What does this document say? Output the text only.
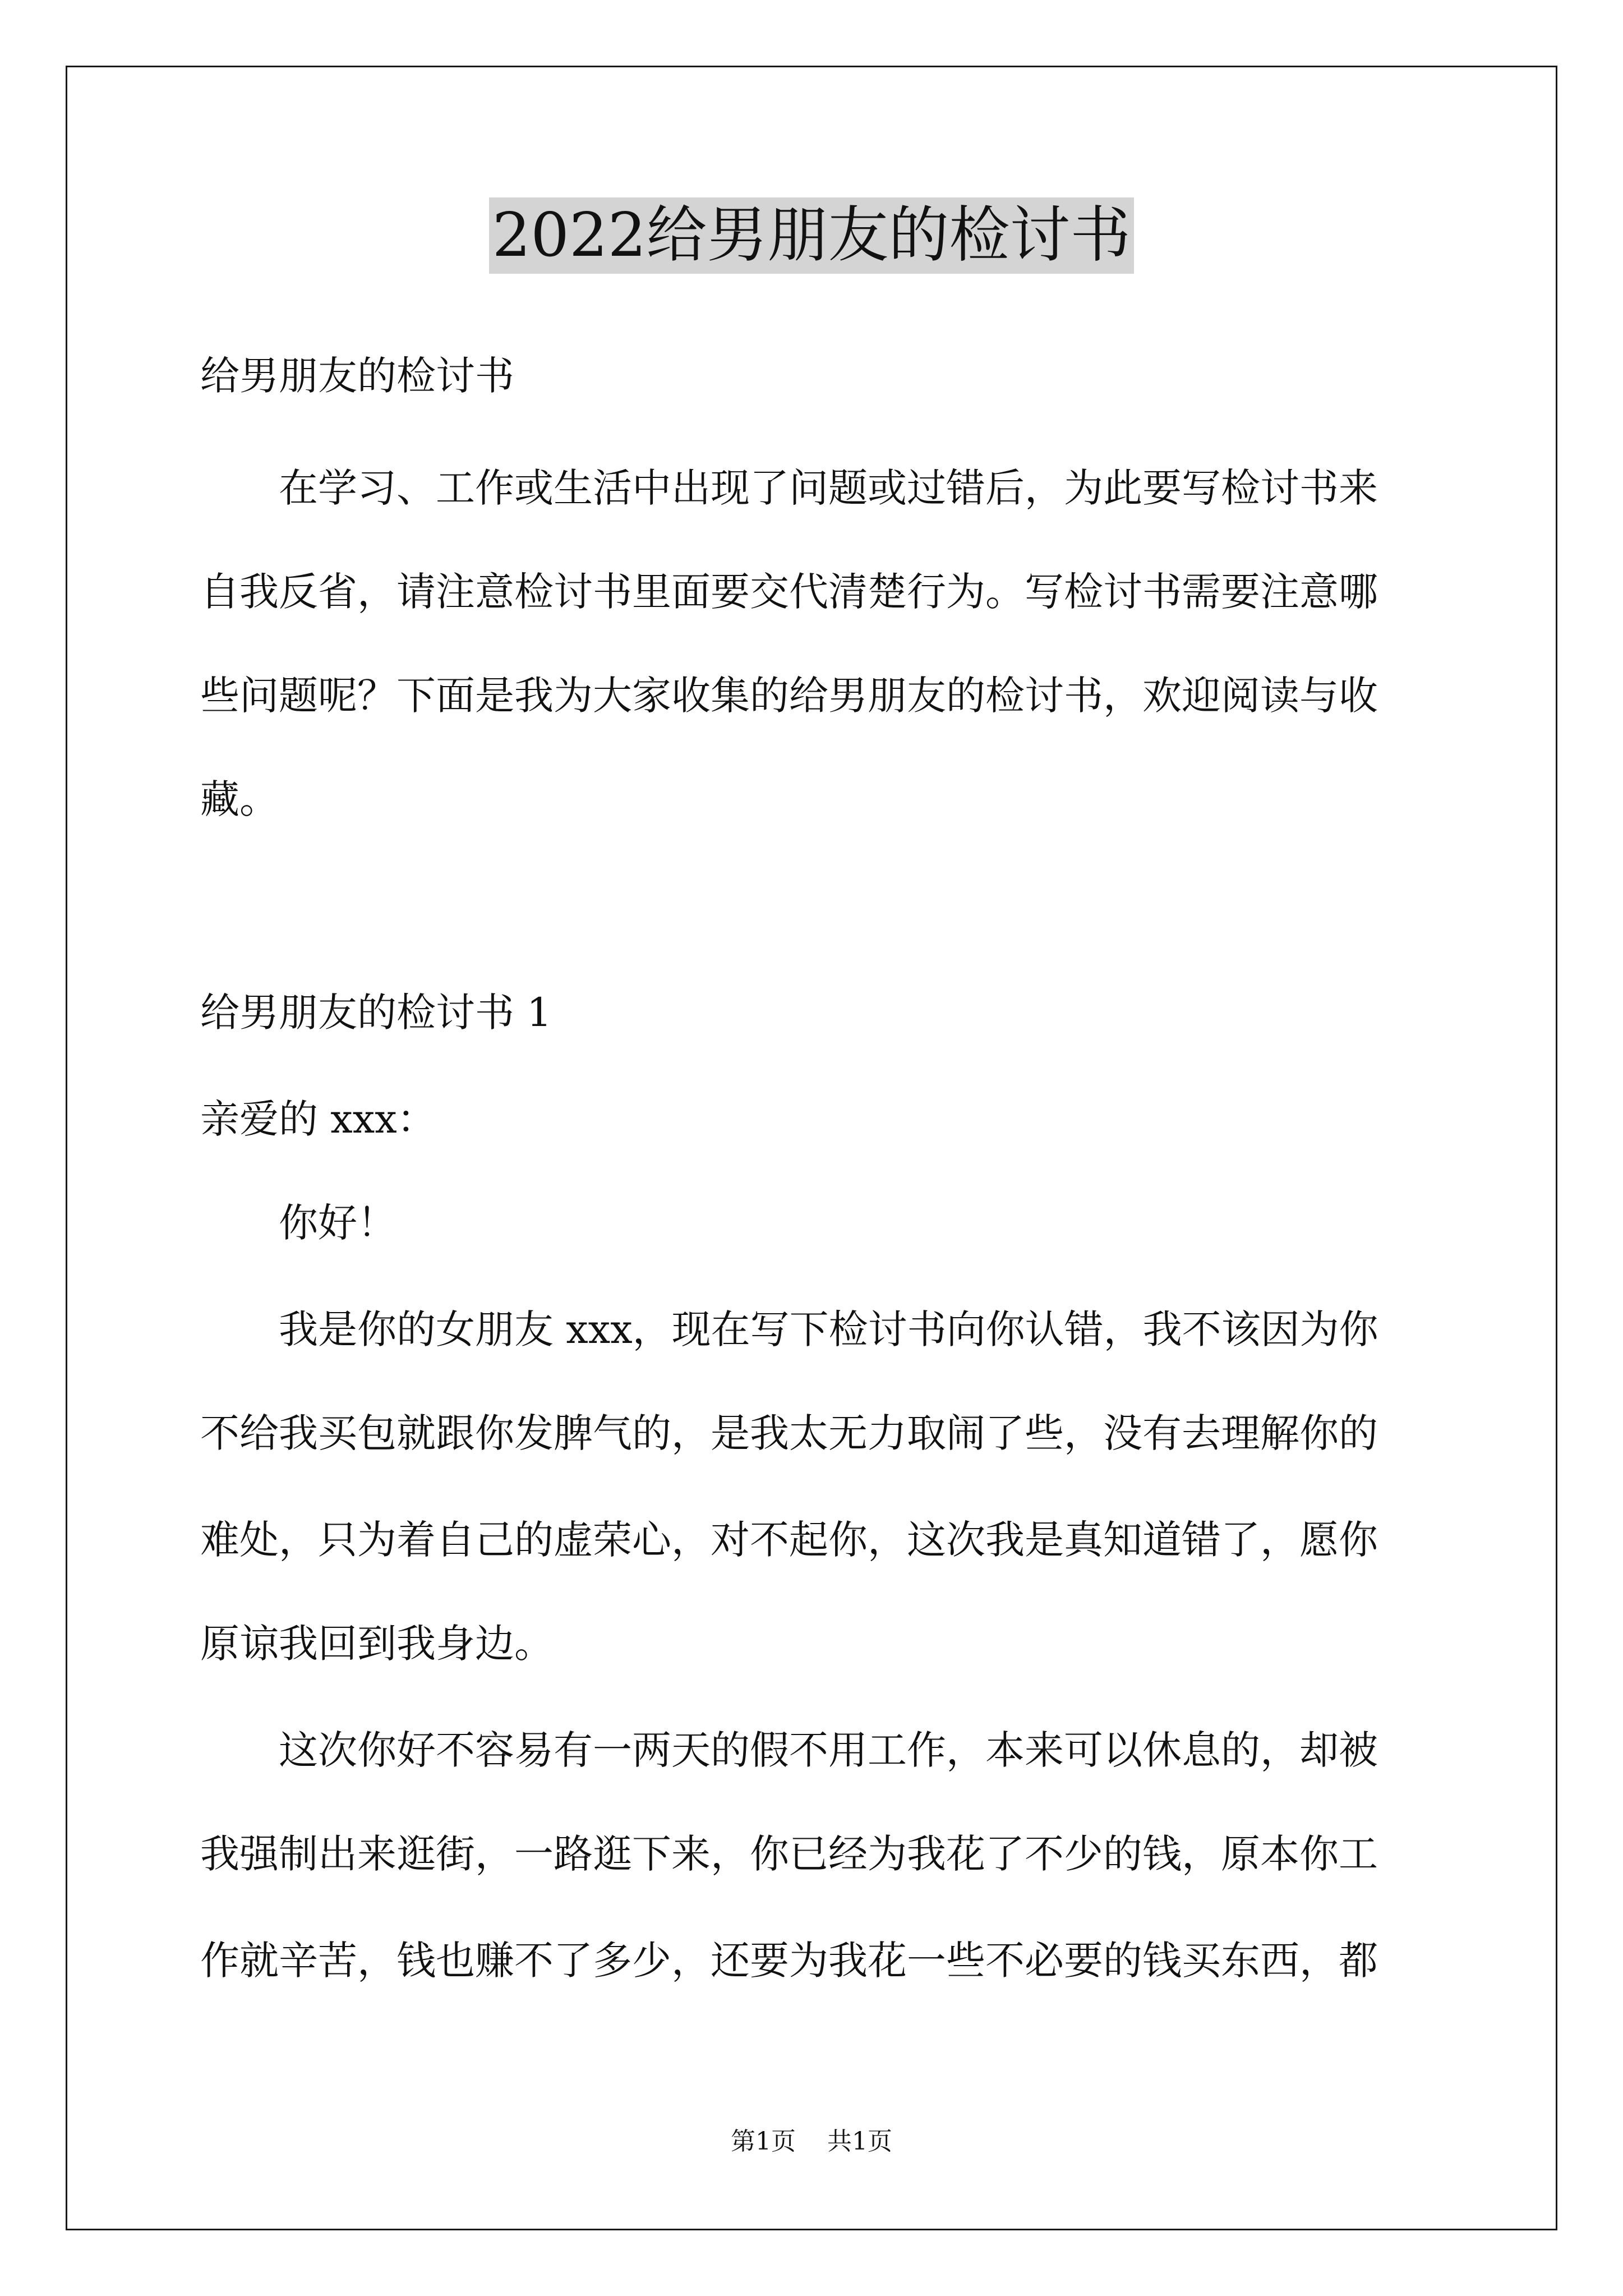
2022给男朋友的检讨书
给男朋友的检讨书
　　在学习、工作或生活中出现了问题或过错后，为此要写检讨书来
自我反省，请注意检讨书里面要交代清楚行为。写检讨书需要注意哪
些问题呢？下面是我为大家收集的给男朋友的检讨书，欢迎阅读与收
藏。
给男朋友的检讨书 1
亲爱的 xxx：
　　你好！
　　我是你的女朋友 xxx，现在写下检讨书向你认错，我不该因为你
不给我买包就跟你发脾气的，是我太无力取闹了些，没有去理解你的
难处，只为着自己的虚荣心，对不起你，这次我是真知道错了，愿你
原谅我回到我身边。
　　这次你好不容易有一两天的假不用工作，本来可以休息的，却被
我强制出来逛街，一路逛下来，你已经为我花了不少的钱，原本你工
作就辛苦，钱也赚不了多少，还要为我花一些不必要的钱买东西，都
第1页 共1页
